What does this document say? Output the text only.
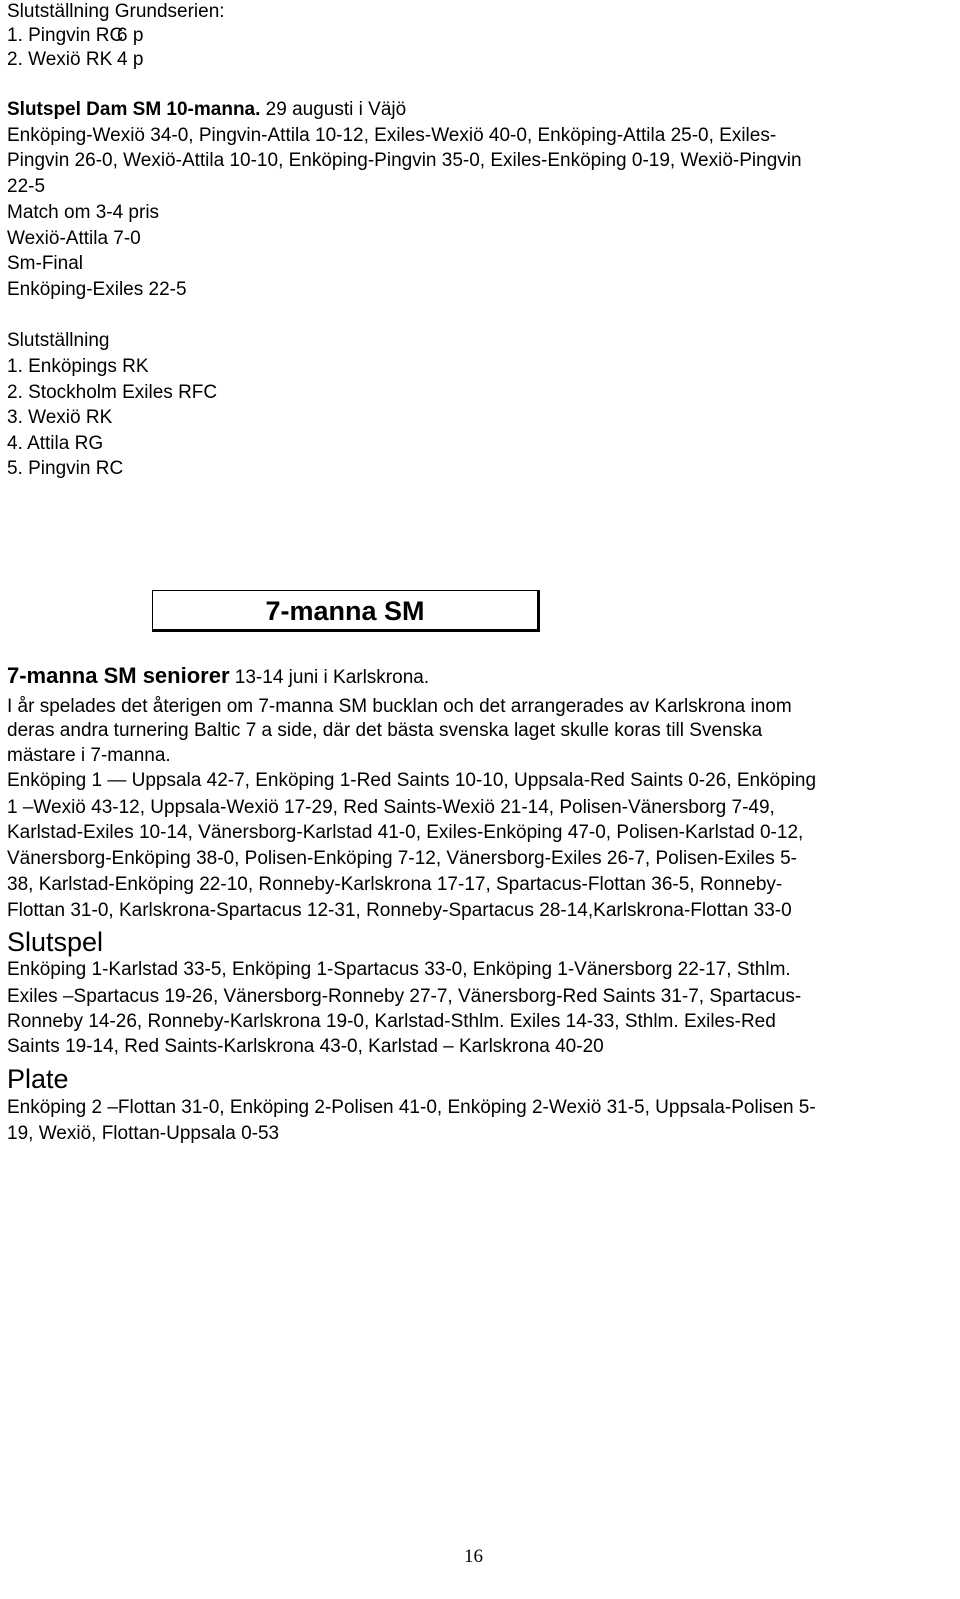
Slutställning Grundserien:
1. Pingvin RC6 p
2. Wexiö RK 4 p
Slutspel Dam SM 10-manna. 29 augusti i Väjö
Enköping-Wexiö 34-0, Pingvin-Attila 10-12, Exiles-Wexiö 40-0, Enköping-Attila 25-0, Exiles-
Pingvin 26-0, Wexiö-Attila 10-10, Enköping-Pingvin 35-0, Exiles-Enköping 0-19, Wexiö-Pingvin
22-5
Match om 3-4 pris
Wexiö-Attila 7-0
Sm-Final
Enköping-Exiles 22-5
Slutställning
1. Enköpings RK
2. Stockholm Exiles RFC
3. Wexiö RK
4. Attila RG
5. Pingvin RC
7-manna SM
7-manna SM seniorer 13-14 juni i Karlskrona.
I år spelades det återigen om 7-manna SM bucklan och det arrangerades av Karlskrona inom
deras andra turnering Baltic 7 a side, där det bästa svenska laget skulle koras till Svenska
mästare i 7-manna.
Enköping 1 — Uppsala 42-7, Enköping 1-Red Saints 10-10, Uppsala-Red Saints 0-26, Enköping
1 –Wexiö 43-12, Uppsala-Wexiö 17-29, Red Saints-Wexiö 21-14, Polisen-Vänersborg 7-49,
Karlstad-Exiles 10-14, Vänersborg-Karlstad 41-0, Exiles-Enköping 47-0, Polisen-Karlstad 0-12,
Vänersborg-Enköping 38-0, Polisen-Enköping 7-12, Vänersborg-Exiles 26-7, Polisen-Exiles 5-
38, Karlstad-Enköping 22-10, Ronneby-Karlskrona 17-17, Spartacus-Flottan 36-5, Ronneby-
Flottan 31-0, Karlskrona-Spartacus 12-31, Ronneby-Spartacus 28-14,Karlskrona-Flottan 33-0
Slutspel
Enköping 1-Karlstad 33-5, Enköping 1-Spartacus 33-0, Enköping 1-Vänersborg 22-17, Sthlm.
Exiles –Spartacus 19-26, Vänersborg-Ronneby 27-7, Vänersborg-Red Saints 31-7, Spartacus-
Ronneby 14-26, Ronneby-Karlskrona 19-0, Karlstad-Sthlm. Exiles 14-33, Sthlm. Exiles-Red
Saints 19-14, Red Saints-Karlskrona 43-0, Karlstad – Karlskrona 40-20
Plate
Enköping 2 –Flottan 31-0, Enköping 2-Polisen 41-0, Enköping 2-Wexiö 31-5, Uppsala-Polisen 5-
19, Wexiö, Flottan-Uppsala 0-53
16
